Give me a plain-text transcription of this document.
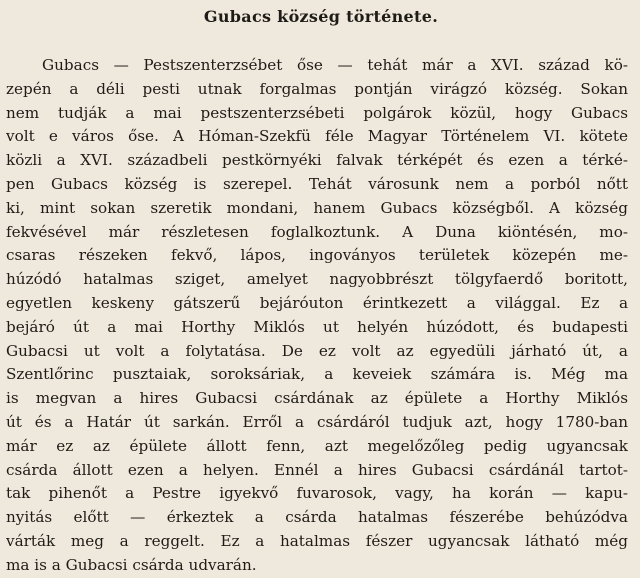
Gubacs község története.
Gubacs — Pestszenterzsébet őse — tehát már a XVI. század kö-
zepén a déli pesti utnak forgalmas pontján virágzó község. Sokan
nem tudják a mai pestszenterzsébeti polgárok közül, hogy Gubacs
volt e város őse. A Hóman-Szekfü féle Magyar Történelem VI. kötete
közli a XVI. századbeli pestkörnyéki falvak térképét és ezen a térké-
pen Gubacs község is szerepel. Tehát városunk nem a porból nőtt
ki, mint sokan szeretik mondani, hanem Gubacs községből. A község
fekvésével már részletesen foglalkoztunk. A Duna kiöntésén, mo-
csaras részeken fekvő, lápos, ingoványos területek közepén me-
húzódó hatalmas sziget, amelyet nagyobbrészt tölgyfaerdő boritott,
egyetlen keskeny gátszerű bejáróuton érintkezett a világgal. Ez a
bejáró út a mai Horthy Miklós ut helyén húzódott, és budapesti
Gubacsi ut volt a folytatása. De ez volt az egyedüli járható út, a
Szentlőrinc pusztaiak, soroksáriak, a keveiek számára is. Még ma
is megvan a hires Gubacsi csárdának az épülete a Horthy Miklós
út és a Határ út sarkán. Erről a csárdáról tudjuk azt, hogy 1780-ban
már ez az épülete állott fenn, azt megelőzőleg pedig ugyancsak
csárda állott ezen a helyen. Ennél a hires Gubacsi csárdánál tartot-
tak pihenőt a Pestre igyekvő fuvarosok, vagy, ha korán — kapu-
nyitás előtt — érkeztek a csárda hatalmas fészerébe behúzódva
várták meg a reggelt. Ez a hatalmas fészer ugyancsak látható még
ma is a Gubacsi csárda udvarán.
